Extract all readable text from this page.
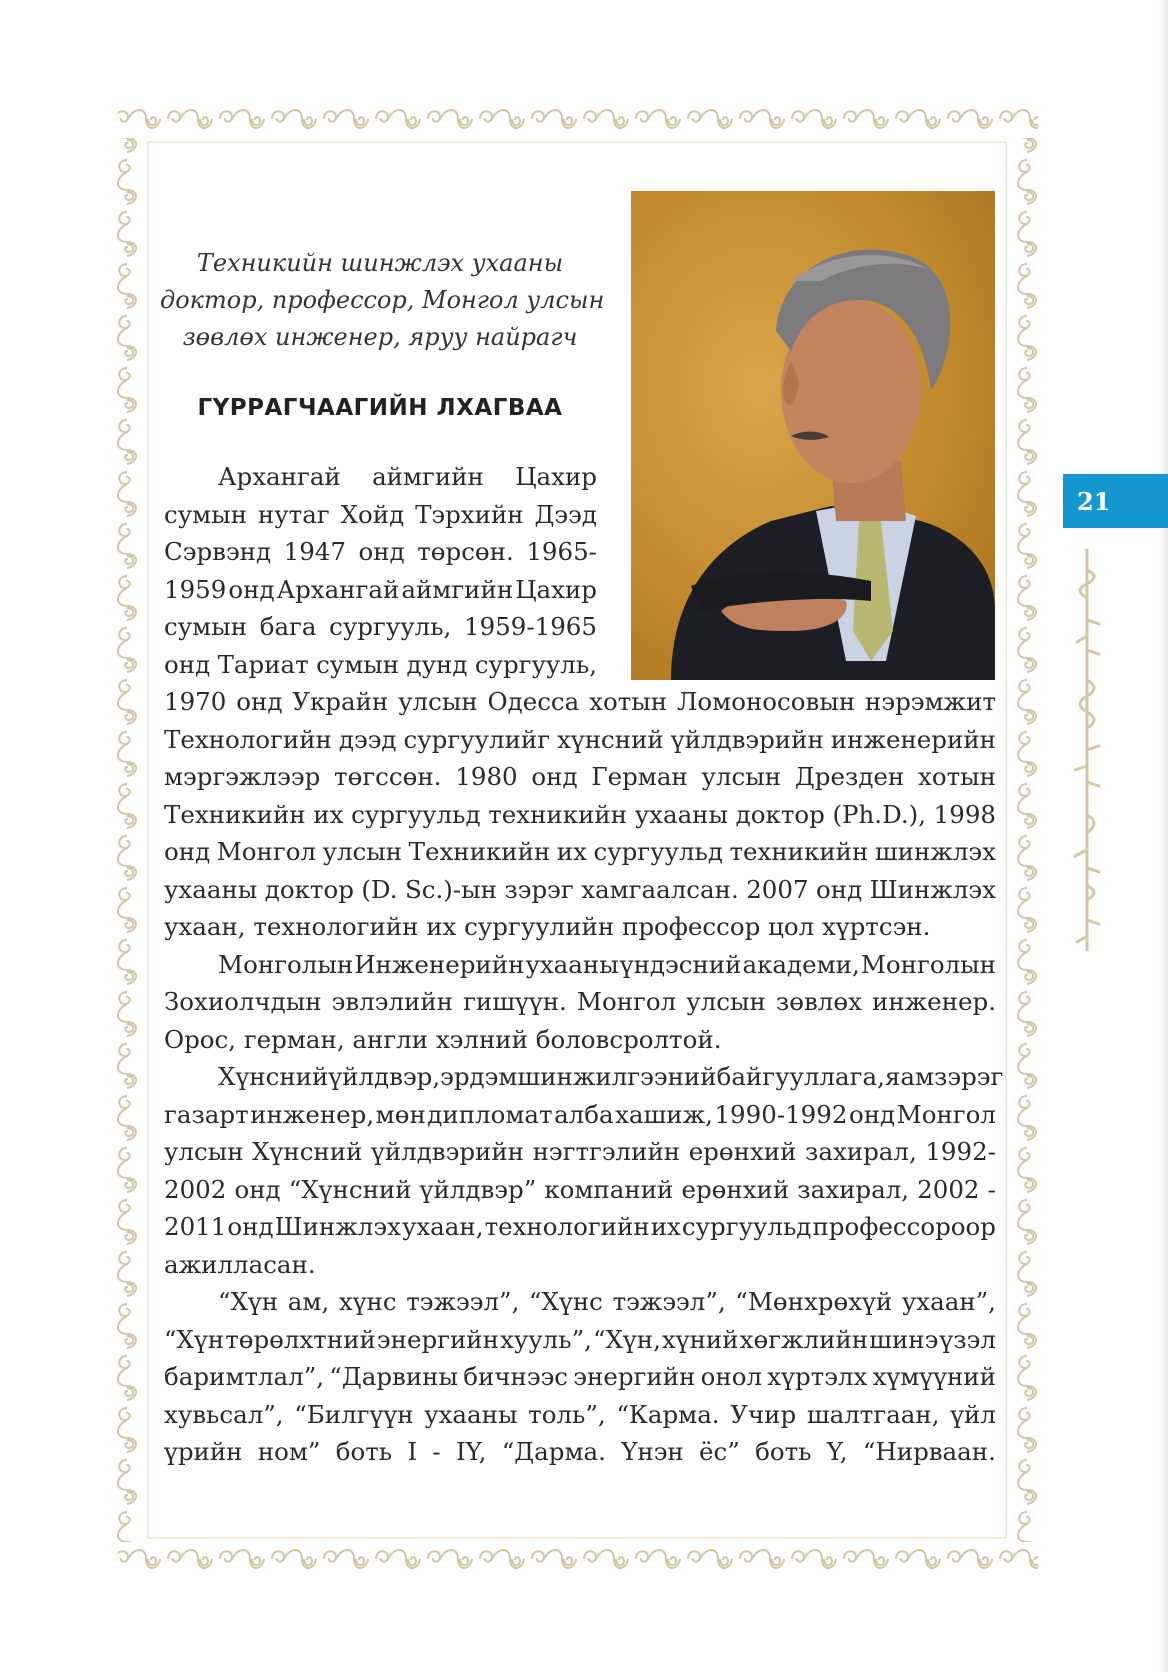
Техникийн шинжлэх ухааны
доктор, профессор, Монгол улсын
зөвлөх инженер, яруу найрагч
ГҮРРАГЧААГИЙН ЛХАГВАА
Архангай аймгийн Цахир
сумын нутаг Хойд Тэрхийн Дээд
Сэрвэнд 1947 онд төрсөн. 1965-
1959 онд Архангай аймгийн Цахир
сумын бага сургууль, 1959-1965
онд Тариат сумын дунд сургууль,
1970 онд Украйн улсын Одесса хотын Ломоносовын нэрэмжит
Технологийн дээд сургуулийг хүнсний үйлдвэрийн инженерийн
мэргэжлээр төгссөн. 1980 онд Герман улсын Дрезден хотын
Техникийн их сургуульд техникийн ухааны доктор (Ph.D.), 1998
онд Монгол улсын Техникийн их сургуульд техникийн шинжлэх
ухааны доктор (D. Sc.)-ын зэрэг хамгаалсан. 2007 онд Шинжлэх
ухаан, технологийн их сургуулийн профессор цол хүртсэн.
Монголын Инженерийн ухааны үндэсний академи, Монголын
Зохиолчдын эвлэлийн гишүүн. Монгол улсын зөвлөх инженер.
Орос, герман, англи хэлний боловсролтой.
Хүнсний үйлдвэр, эрдэм шинжилгээний байгууллага, яам зэрэг
газарт инженер, мөн дипломат алба хашиж, 1990-1992 онд Монгол
улсын Хүнсний үйлдвэрийн нэгтгэлийн ерөнхий захирал, 1992-
2002 онд “Хүнсний үйлдвэр” компаний ерөнхий захирал, 2002 -
2011 онд Шинжлэх ухаан, технологийн их сургуульд профессороор
ажилласан.
“Хүн ам, хүнс тэжээл”, “Хүнс тэжээл”, “Мөнхрөхүй ухаан”,
“Хүн төрөлхтний энергийн хууль”, “Хүн, хүний хөгжлийн шинэ үзэл
баримтлал”, “Дарвины бичнээс энергийн онол хүртэлх хүмүүний
хувьсал”, “Билгүүн ухааны толь”, “Карма. Учир шалтгаан, үйл
үрийн ном” боть I - IY, “Дарма. Үнэн ёс” боть Y, “Нирваан.
21
